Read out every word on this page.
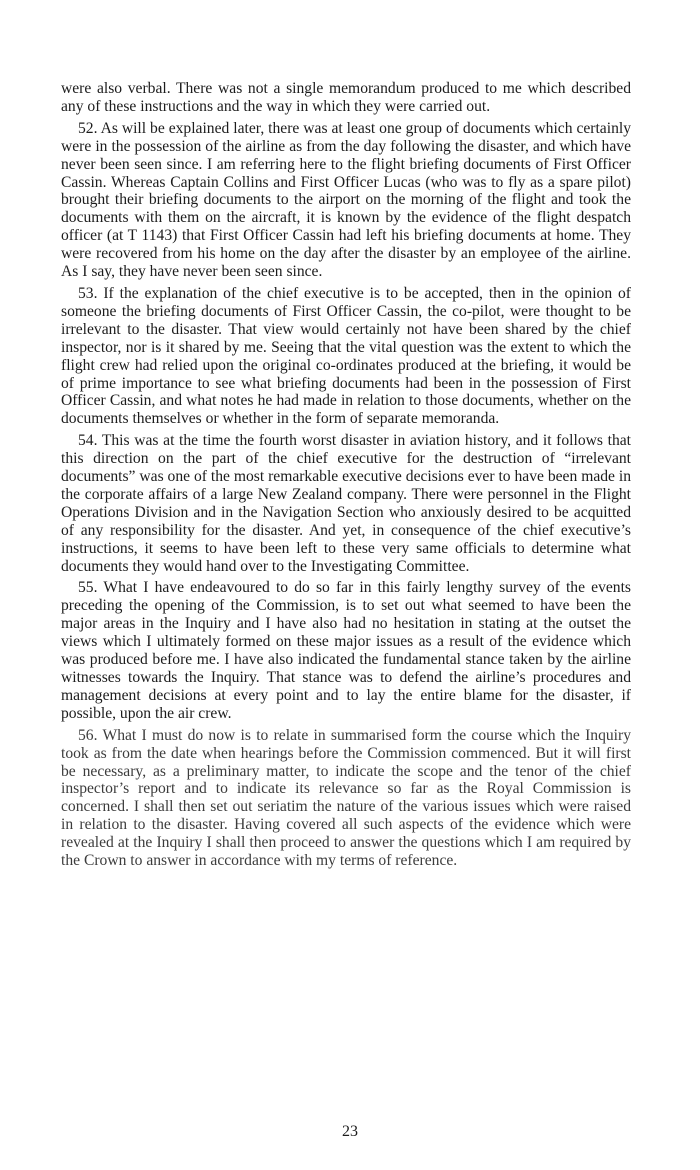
were also verbal. There was not a single memorandum produced to me which described any of these instructions and the way in which they were carried out.

52. As will be explained later, there was at least one group of documents which certainly were in the possession of the airline as from the day following the disaster, and which have never been seen since. I am referring here to the flight briefing documents of First Officer Cassin. Whereas Captain Collins and First Officer Lucas (who was to fly as a spare pilot) brought their briefing documents to the airport on the morning of the flight and took the documents with them on the aircraft, it is known by the evidence of the flight despatch officer (at T 1143) that First Officer Cassin had left his briefing documents at home. They were recovered from his home on the day after the disaster by an employee of the airline. As I say, they have never been seen since.

53. If the explanation of the chief executive is to be accepted, then in the opinion of someone the briefing documents of First Officer Cassin, the co-pilot, were thought to be irrelevant to the disaster. That view would certainly not have been shared by the chief inspector, nor is it shared by me. Seeing that the vital question was the extent to which the flight crew had relied upon the original co-ordinates produced at the briefing, it would be of prime importance to see what briefing documents had been in the possession of First Officer Cassin, and what notes he had made in relation to those documents, whether on the documents themselves or whether in the form of separate memoranda.

54. This was at the time the fourth worst disaster in aviation history, and it follows that this direction on the part of the chief executive for the destruction of “irrelevant documents” was one of the most remarkable executive decisions ever to have been made in the corporate affairs of a large New Zealand company. There were personnel in the Flight Operations Division and in the Navigation Section who anxiously desired to be acquitted of any responsibility for the disaster. And yet, in consequence of the chief executive’s instructions, it seems to have been left to these very same officials to determine what documents they would hand over to the Investigating Committee.

55. What I have endeavoured to do so far in this fairly lengthy survey of the events preceding the opening of the Commission, is to set out what seemed to have been the major areas in the Inquiry and I have also had no hesitation in stating at the outset the views which I ultimately formed on these major issues as a result of the evidence which was produced before me. I have also indicated the fundamental stance taken by the airline witnesses towards the Inquiry. That stance was to defend the airline’s procedures and management decisions at every point and to lay the entire blame for the disaster, if possible, upon the air crew.

56. What I must do now is to relate in summarised form the course which the Inquiry took as from the date when hearings before the Commission commenced. But it will first be necessary, as a preliminary matter, to indicate the scope and the tenor of the chief inspector’s report and to indicate its relevance so far as the Royal Commission is concerned. I shall then set out seriatim the nature of the various issues which were raised in relation to the disaster. Having covered all such aspects of the evidence which were revealed at the Inquiry I shall then proceed to answer the questions which I am required by the Crown to answer in accordance with my terms of reference.

23
